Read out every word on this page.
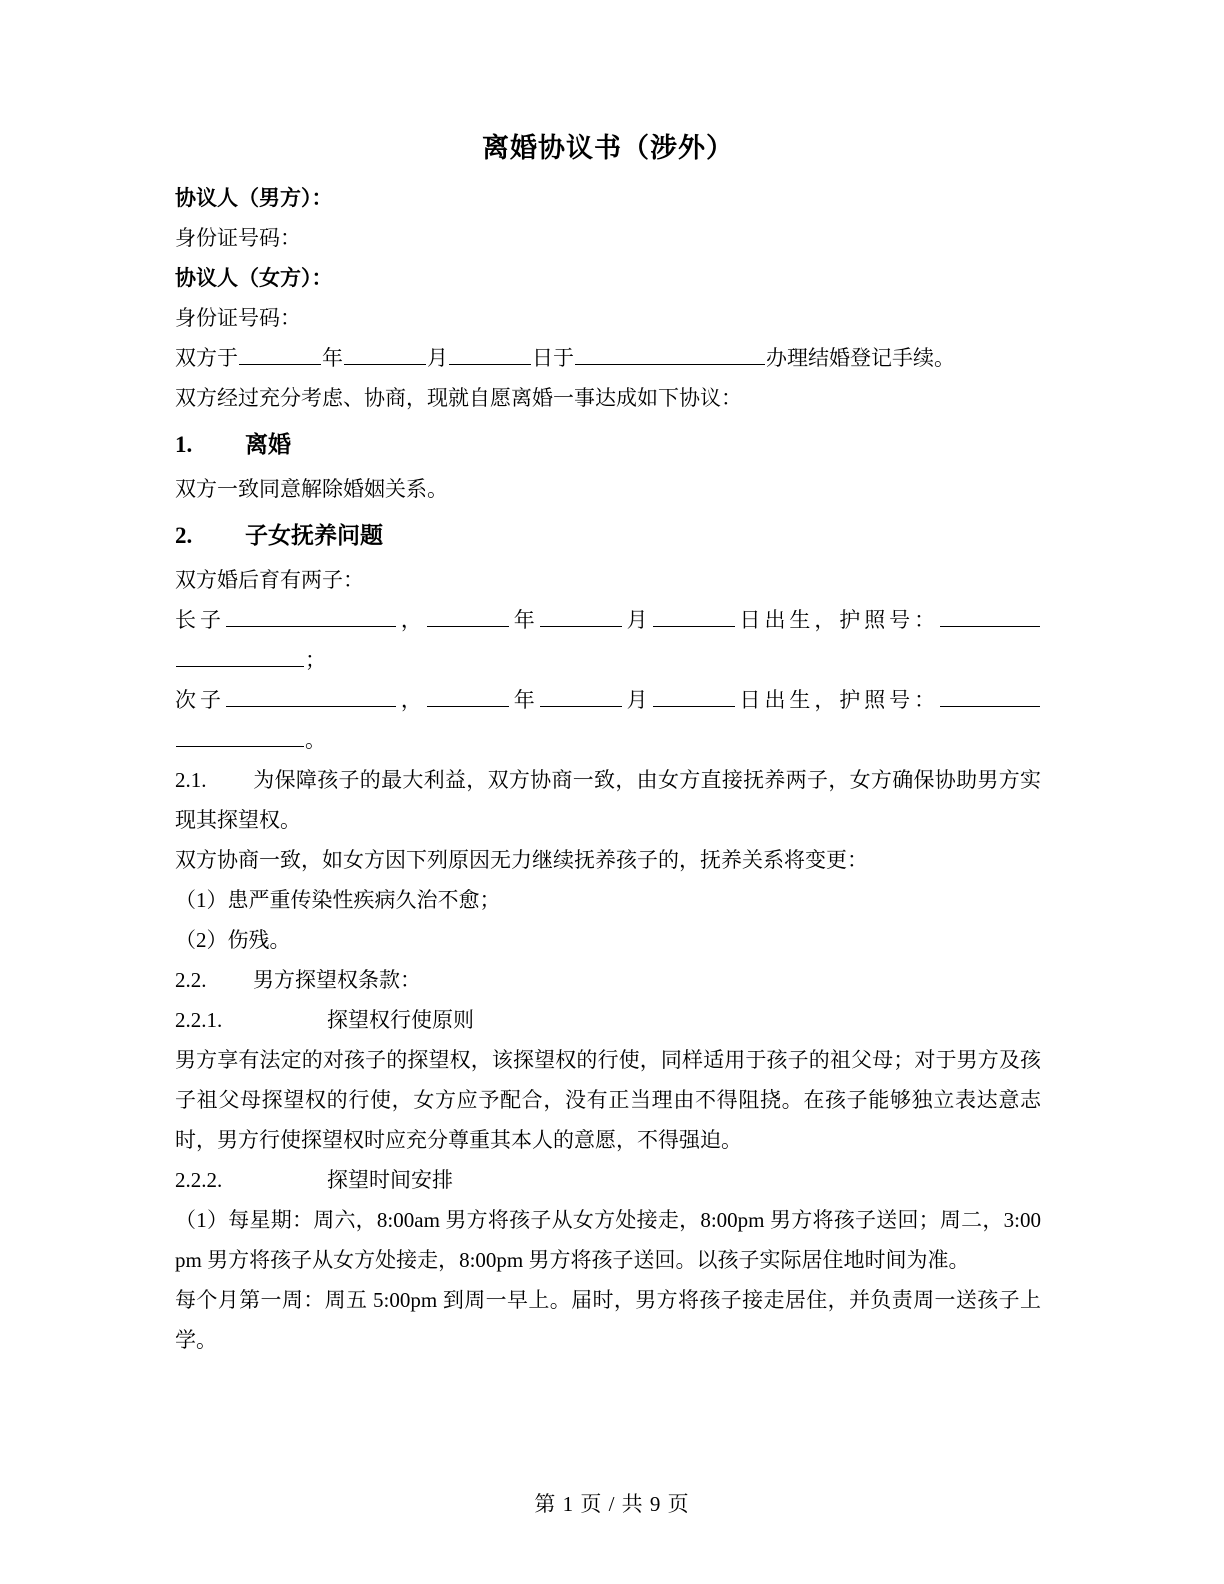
离婚协议书（涉外）

协议人（男方）：

身份证号码：

协议人（女方）：

身份证号码：

双方于	年	月	日于	办理结婚登记手续。

双方经过充分考虑、协商，现就自愿离婚一事达成如下协议：

1. 离婚

双方一致同意解除婚姻关系。

2. 子女抚养问题

双方婚后育有两子：

长子	，	年	月	日出生，护照号：；

次子	，	年	月	日出生，护照号：。

2.1. 为保障孩子的最大利益，双方协商一致，由女方直接抚养两子，女方确保协助男方实现其探望权。

双方协商一致，如女方因下列原因无力继续抚养孩子的，抚养关系将变更：

（1）患严重传染性疾病久治不愈；

（2）伤残。

2.2. 男方探望权条款：

2.2.1.	探望权行使原则

男方享有法定的对孩子的探望权，该探望权的行使，同样适用于孩子的祖父母；对于男方及孩子祖父母探望权的行使，女方应予配合，没有正当理由不得阻挠。在孩子能够独立表达意志时，男方行使探望权时应充分尊重其本人的意愿，不得强迫。

2.2.2.	探望时间安排

（1）每星期：周六，8:00am 男方将孩子从女方处接走，8:00pm 男方将孩子送回；周二，3:00pm 男方将孩子从女方处接走，8:00pm 男方将孩子送回。以孩子实际居住地时间为准。

每个月第一周：周五 5:00pm 到周一早上。届时，男方将孩子接走居住，并负责周一送孩子上学。

第 1 页 / 共 9 页
